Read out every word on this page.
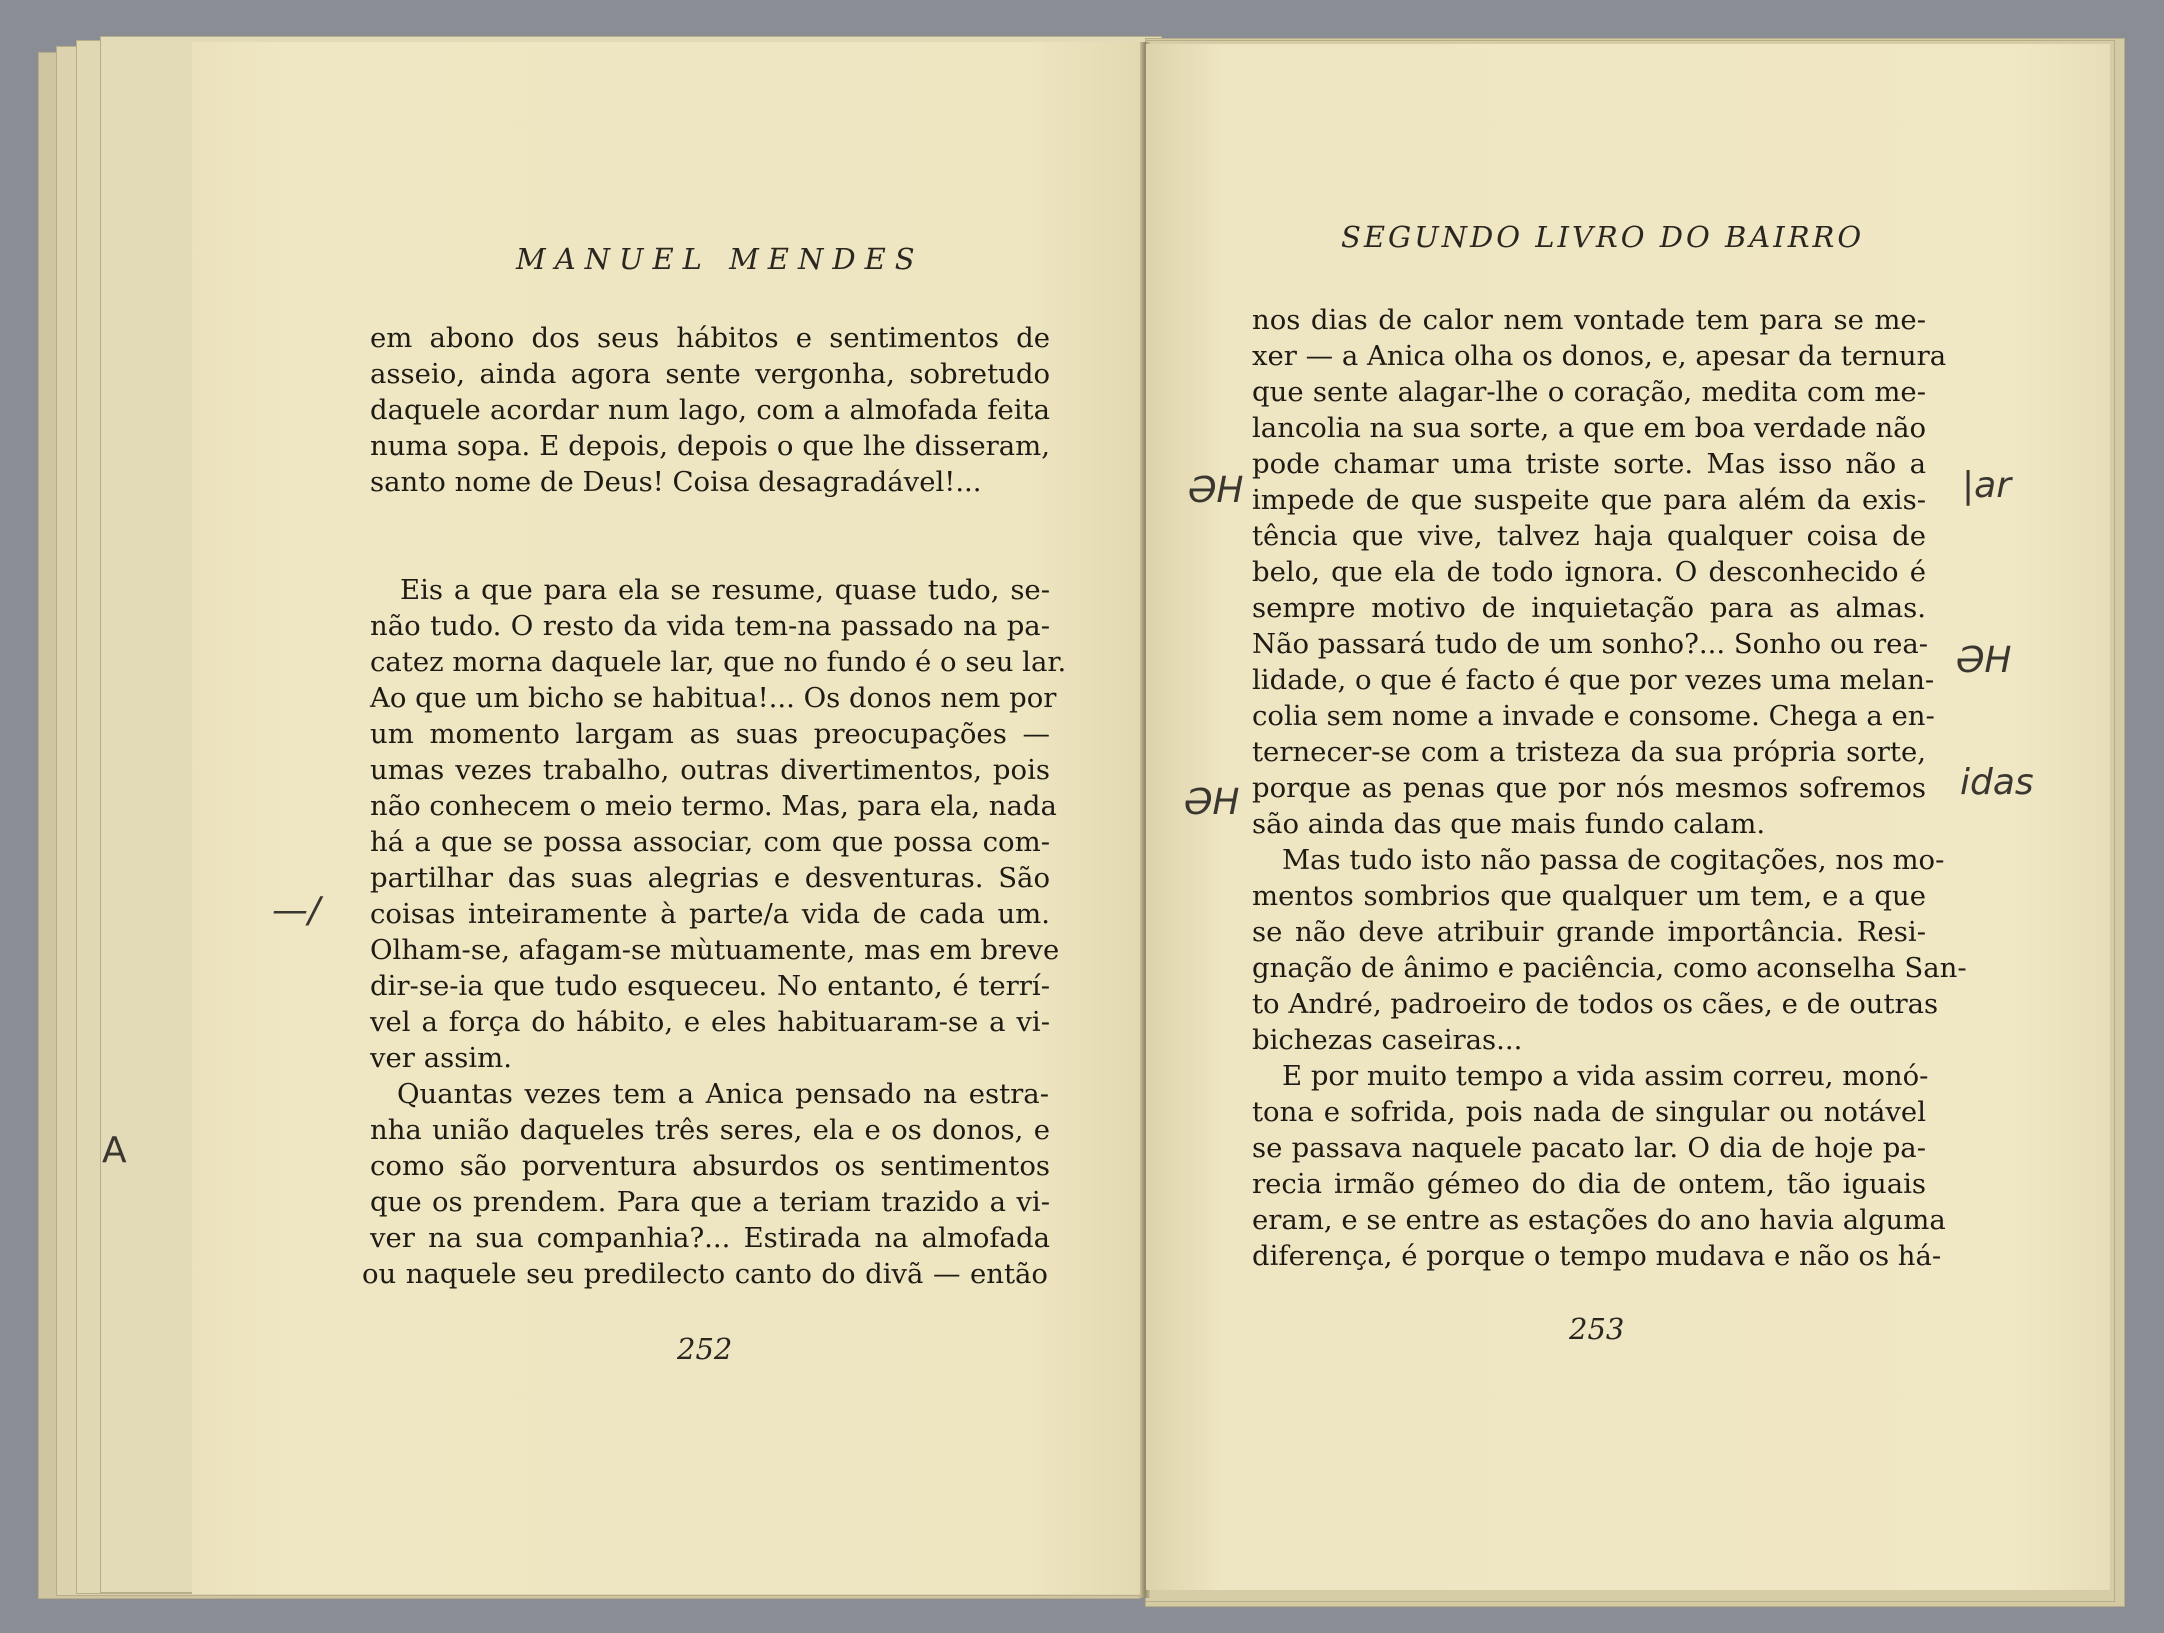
MANUEL MENDES
em abono dos seus hábitos e sentimentos de
asseio, ainda agora sente vergonha, sobretudo
daquele acordar num lago, com a almofada feita
numa sopa. E depois, depois o que lhe disseram,
santo nome de Deus! Coisa desagradável!...
Eis a que para ela se resume, quase tudo, se-
não tudo. O resto da vida tem-na passado na pa-
catez morna daquele lar, que no fundo é o seu lar.
Ao que um bicho se habitua!... Os donos nem por
um momento largam as suas preocupações —
umas vezes trabalho, outras divertimentos, pois
não conhecem o meio termo. Mas, para ela, nada
há a que se possa associar, com que possa com-
partilhar das suas alegrias e desventuras. São
coisas inteiramente à parte/a vida de cada um.
Olham-se, afagam-se mùtuamente, mas em breve
dir-se-ia que tudo esqueceu. No entanto, é terrí-
vel a força do hábito, e eles habituaram-se a vi-
ver assim.
Quantas vezes tem a Anica pensado na estra-
nha união daqueles três seres, ela e os donos, e
como são porventura absurdos os sentimentos
que os prendem. Para que a teriam trazido a vi-
ver na sua companhia?... Estirada na almofada
ou naquele seu predilecto canto do divã — então
252
—/
A
SEGUNDO LIVRO DO BAIRRO
nos dias de calor nem vontade tem para se me-
xer — a Anica olha os donos, e, apesar da ternura
que sente alagar-lhe o coração, medita com me-
lancolia na sua sorte, a que em boa verdade não
pode chamar uma triste sorte. Mas isso não a
impede de que suspeite que para além da exis-
tência que vive, talvez haja qualquer coisa de
belo, que ela de todo ignora. O desconhecido é
sempre motivo de inquietação para as almas.
Não passará tudo de um sonho?... Sonho ou rea-
lidade, o que é facto é que por vezes uma melan-
colia sem nome a invade e consome. Chega a en-
ternecer-se com a tristeza da sua própria sorte,
porque as penas que por nós mesmos sofremos
são ainda das que mais fundo calam.
Mas tudo isto não passa de cogitações, nos mo-
mentos sombrios que qualquer um tem, e a que
se não deve atribuir grande importância. Resi-
gnação de ânimo e paciência, como aconselha San-
to André, padroeiro de todos os cães, e de outras
bichezas caseiras...
E por muito tempo a vida assim correu, monó-
tona e sofrida, pois nada de singular ou notável
se passava naquele pacato lar. O dia de hoje pa-
recia irmão gémeo do dia de ontem, tão iguais
eram, e se entre as estações do ano havia alguma
diferença, é porque o tempo mudava e não os há-
253
ƏH	|ar
ƏH
ƏH	idas
